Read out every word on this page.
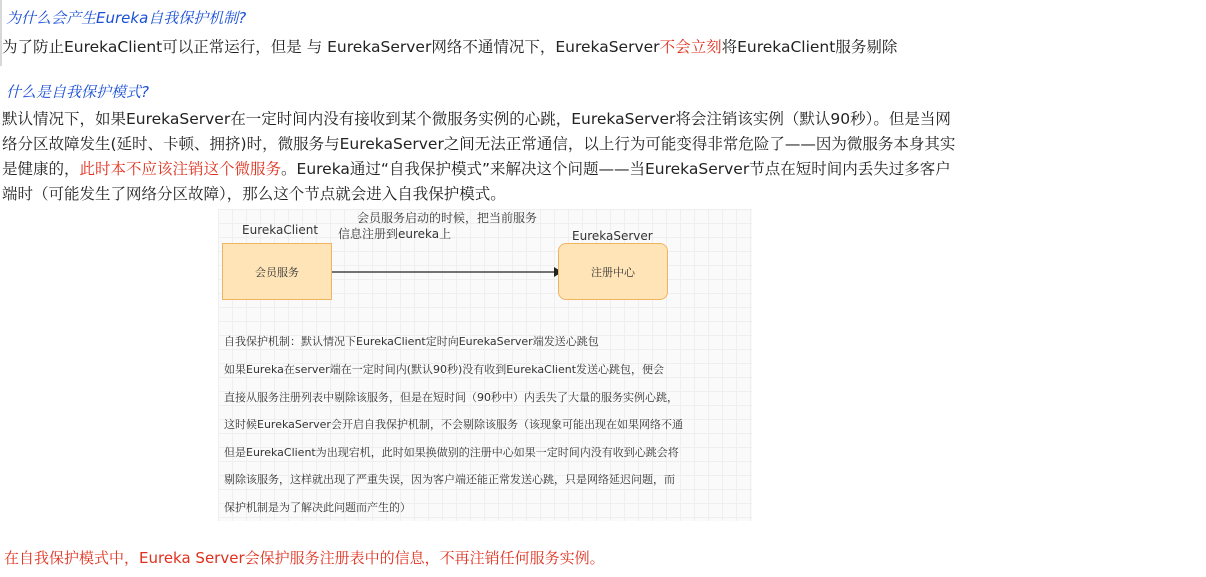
为什么会产生Eureka自我保护机制?
为了防止EurekaClient可以正常运行，但是 与 EurekaServer网络不通情况下，EurekaServer不会立刻将EurekaClient服务剔除
什么是自我保护模式?
默认情况下，如果EurekaServer在一定时间内没有接收到某个微服务实例的心跳，EurekaServer将会注销该实例（默认90秒）。但是当网络分区故障发生(延时、卡顿、拥挤)时，微服务与EurekaServer之间无法正常通信，以上行为可能变得非常危险了——因为微服务本身其实是健康的，此时本不应该注销这个微服务。Eureka通过“自我保护模式”来解决这个问题——当EurekaServer节点在短时间内丢失过多客户端时（可能发生了网络分区故障），那么这个节点就会进入自我保护模式。
EurekaClient
会员服务
会员服务启动的时候，把当前服务
信息注册到eureka上	EurekaServer
注册中心
自我保护机制：默认情况下EurekaClient定时向EurekaServer端发送心跳包
如果Eureka在server端在一定时间内(默认90秒)没有收到EurekaClient发送心跳包，便会
直接从服务注册列表中剔除该服务，但是在短时间（90秒中）内丢失了大量的服务实例心跳，
这时候EurekaServer会开启自我保护机制，不会剔除该服务（该现象可能出现在如果网络不通
但是EurekaClient为出现宕机，此时如果换做别的注册中心如果一定时间内没有收到心跳会将
剔除该服务，这样就出现了严重失误，因为客户端还能正常发送心跳，只是网络延迟问题，而
保护机制是为了解决此问题而产生的）
在自我保护模式中，Eureka Server会保护服务注册表中的信息，不再注销任何服务实例。
